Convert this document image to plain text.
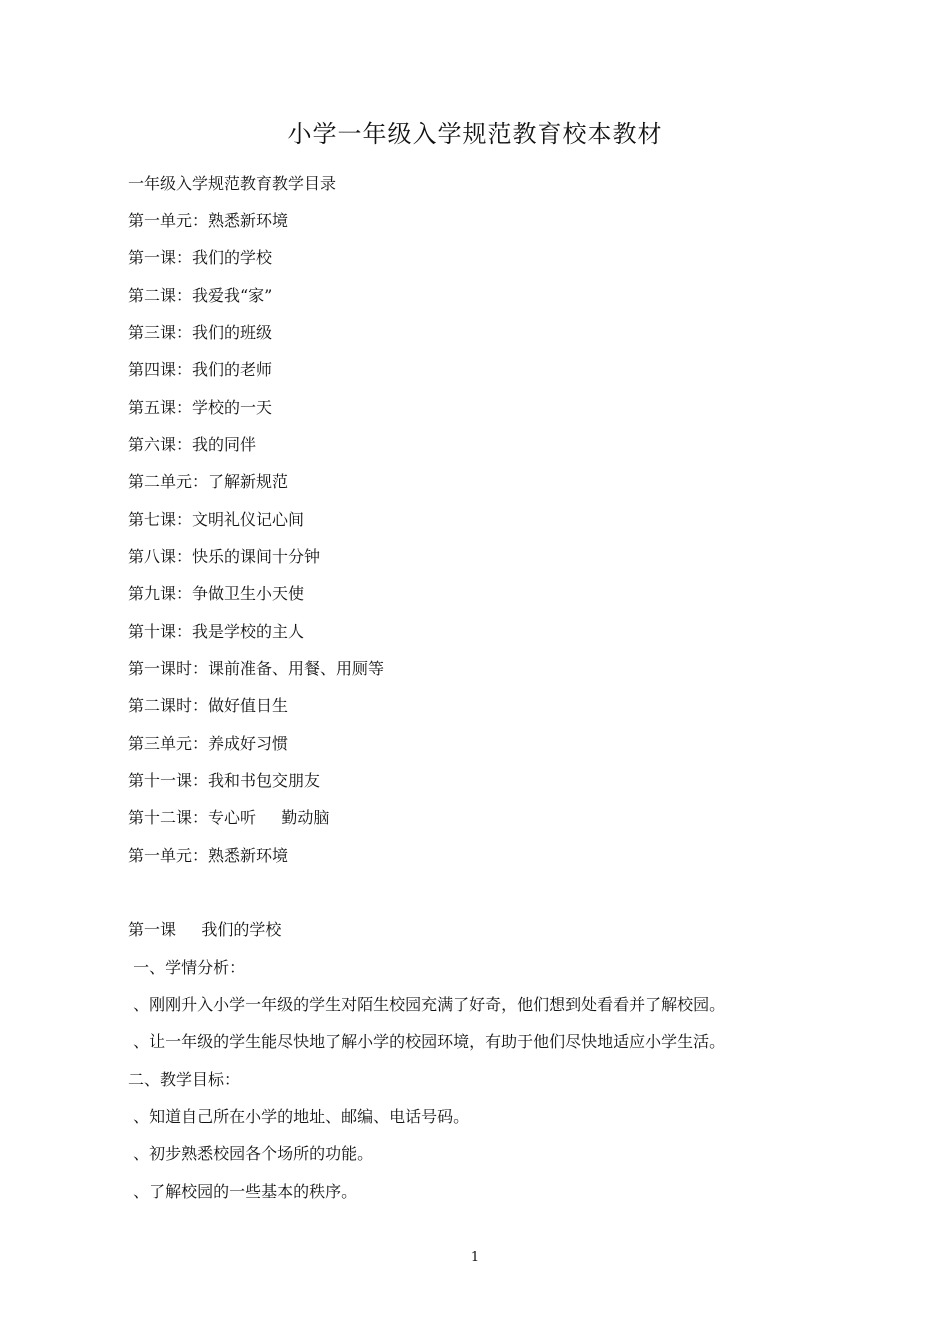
小学一年级入学规范教育校本教材
一年级入学规范教育教学目录
第一单元：熟悉新环境
第一课：我们的学校
第二课：我爱我“家”
第三课：我们的班级
第四课：我们的老师
第五课：学校的一天
第六课：我的同伴
第二单元：了解新规范
第七课：文明礼仪记心间
第八课：快乐的课间十分钟
第九课：争做卫生小天使
第十课：我是学校的主人
第一课时：课前准备、用餐、用厕等
第二课时：做好值日生
第三单元：养成好习惯
第十一课：我和书包交朋友
第十二课：专心听     勤动脑
第一单元：熟悉新环境
第一课     我们的学校
一、学情分析：
、刚刚升入小学一年级的学生对陌生校园充满了好奇，他们想到处看看并了解校园。
、让一年级的学生能尽快地了解小学的校园环境，有助于他们尽快地适应小学生活。
二、教学目标：
、知道自己所在小学的地址、邮编、电话号码。
、初步熟悉校园各个场所的功能。
、了解校园的一些基本的秩序。
1
